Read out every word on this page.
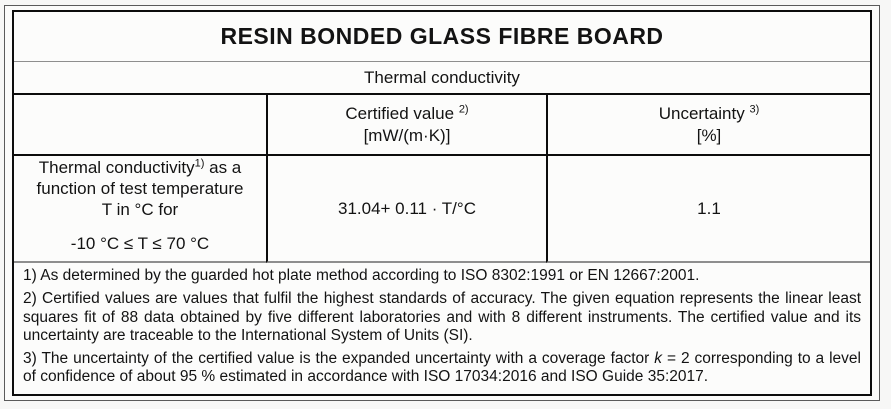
RESIN BONDED GLASS FIBRE BOARD
Thermal conductivity
Certified value $^{2)}$
[mW/(m·K)]
Uncertainty $^{3)}$
[%]
Thermal conductivity$^{1)}$ as a function of test temperature T in °C for
-10 °C ≤ T ≤ 70 °C
31.04+ 0.11 · T/°C	1.1

1) As determined by the guarded hot plate method according to ISO 8302:1991 or EN 12667:2001.

2) Certified values are values that fulfil the highest standards of accuracy. The given equation represents the linear least squares fit of 88 data obtained by five different laboratories and with 8 different instruments. The certified value and its uncertainty are traceable to the International System of Units (SI).

3) The uncertainty of the certified value is the expanded uncertainty with a coverage factor k = 2 corresponding to a level of confidence of about 95 % estimated in accordance with ISO 17034:2016 and ISO Guide 35:2017.
